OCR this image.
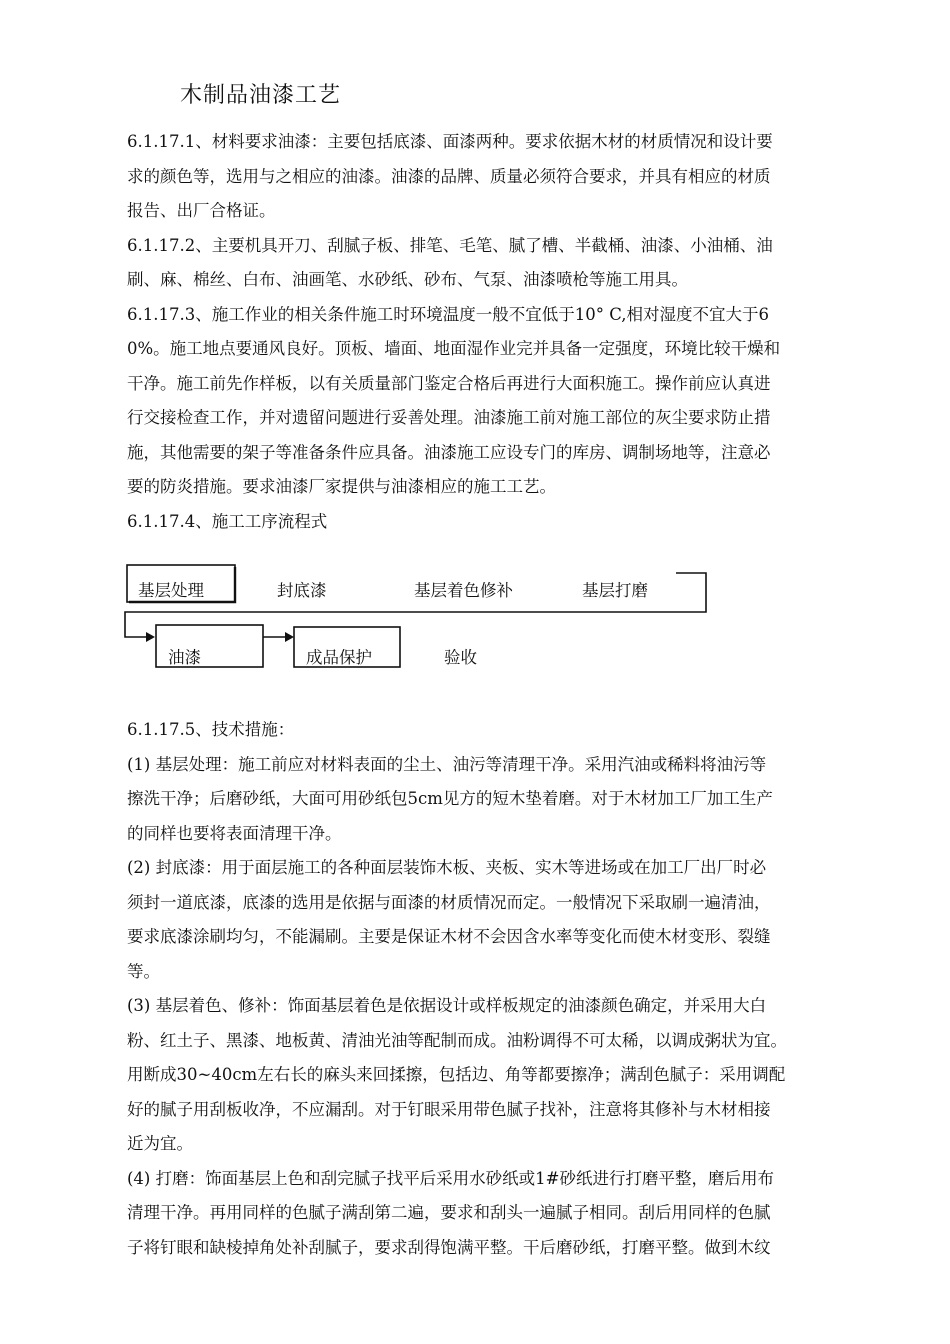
木制品油漆工艺
6.1.17.1、材料要求油漆：主要包括底漆、面漆两种。要求依据木材的材质情况和设计要
求的颜色等，选用与之相应的油漆。油漆的品牌、质量必须符合要求，并具有相应的材质
报告、出厂合格证。
6.1.17.2、主要机具开刀、刮腻子板、排笔、毛笔、腻了槽、半截桶、油漆、小油桶、油
刷、麻、棉丝、白布、油画笔、水砂纸、砂布、气泵、油漆喷枪等施工用具。
6.1.17.3、施工作业的相关条件施工时环境温度一般不宜低于10° C,相对湿度不宜大于6
0%。施工地点要通风良好。顶板、墙面、地面湿作业完并具备一定强度，环境比较干燥和
干净。施工前先作样板，以有关质量部门鉴定合格后再进行大面积施工。操作前应认真进
行交接检查工作，并对遗留问题进行妥善处理。油漆施工前对施工部位的灰尘要求防止措
施，其他需要的架子等准备条件应具备。油漆施工应设专门的库房、调制场地等，注意必
要的防炎措施。要求油漆厂家提供与油漆相应的施工工艺。
6.1.17.4、施工工序流程式
基层处理	封底漆	基层着色修补	基层打磨
油漆	成品保护	验收
6.1.17.5、技术措施：
(1) 基层处理：施工前应对材料表面的尘土、油污等清理干净。采用汽油或稀料将油污等
擦洗干净；后磨砂纸，大面可用砂纸包5cm见方的短木垫着磨。对于木材加工厂加工生产
的同样也要将表面清理干净。
(2) 封底漆：用于面层施工的各种面层装饰木板、夹板、实木等进场或在加工厂出厂时必
须封一道底漆，底漆的选用是依据与面漆的材质情况而定。一般情况下采取刷一遍清油，
要求底漆涂刷均匀，不能漏刷。主要是保证木材不会因含水率等变化而使木材变形、裂缝
等。
(3) 基层着色、修补：饰面基层着色是依据设计或样板规定的油漆颜色确定，并采用大白
粉、红土子、黑漆、地板黄、清油光油等配制而成。油粉调得不可太稀，以调成粥状为宜。
用断成30~40cm左右长的麻头来回揉擦，包括边、角等都要擦净；满刮色腻子：采用调配
好的腻子用刮板收净，不应漏刮。对于钉眼采用带色腻子找补，注意将其修补与木材相接
近为宜。
(4) 打磨：饰面基层上色和刮完腻子找平后采用水砂纸或1#砂纸进行打磨平整，磨后用布
清理干净。再用同样的色腻子满刮第二遍，要求和刮头一遍腻子相同。刮后用同样的色腻
子将钉眼和缺棱掉角处补刮腻子，要求刮得饱满平整。干后磨砂纸，打磨平整。做到木纹
